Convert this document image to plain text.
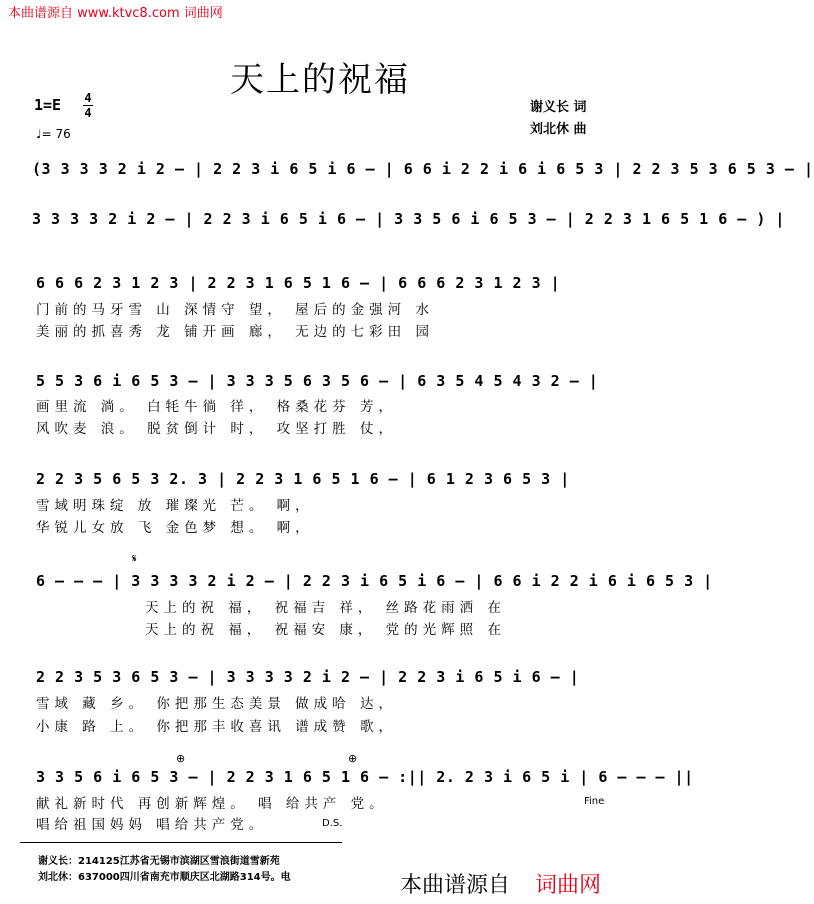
本曲谱源自 www.ktvc8.com 词曲网
天上的祝福
1=E 4
4
♩= 76
谢义长 词
刘北休 曲
(3 3 3 3 2 i 2 – | 2 2 3 i 6 5 i 6 – | 6 6 i 2 2 i 6 i 6 5 3 | 2 2 3 5 3 6 5 3 – |
3 3 3 3 2 i 2 – | 2 2 3 i 6 5 i 6 – | 3 3 5 6 i 6 5 3 – | 2 2 3 1 6 5 1 6 – ) |
6 6 6 2 3 1 2 3 | 2 2 3 1 6 5 1 6 – | 6 6 6 2 3 1 2 3 |
门前的马牙雪 山 深情守 望， 屋后的金强河 水
美丽的抓喜秀 龙 铺开画 廊， 无边的七彩田 园
5 5 3 6 i 6 5 3 – | 3 3 3 5 6 3 5 6 – | 6 3 5 4 5 4 3 2 – |
画里流 淌。 白牦牛徜 徉， 格桑花芬 芳，
风吹麦 浪。 脱贫倒计 时， 攻坚打胜 仗，
2 2 3 5 6 5 3 2. 3 | 2 2 3 1 6 5 1 6 – | 6 1 2 3 6 5 3 |
雪域明珠绽 放 璀璨光 芒。 啊，
华锐儿女放 飞 金色梦 想。 啊，
𝄋
6 – – – | 3 3 3 3 2 i 2 – | 2 2 3 i 6 5 i 6 – | 6 6 i 2 2 i 6 i 6 5 3 |
天上的祝 福， 祝福吉 祥， 丝路花雨洒 在
天上的祝 福， 祝福安 康， 党的光辉照 在
2 2 3 5 3 6 5 3 – | 3 3 3 3 2 i 2 – | 2 2 3 i 6 5 i 6 – |
雪域 藏 乡。 你把那生态美景 做成哈 达，
小康 路 上。 你把那丰收喜讯 谱成赞 歌，
⊕	⊕
3 3 5 6 i 6 5 3 – | 2 2 3 1 6 5 1 6 – :|| 2. 2 3 i 6 5 i | 6 – – – ||
献礼新时代 再创新辉煌。 唱 给共产 党。
唱给祖国妈妈 唱给共产党。
Fine
D.S.
谢义长：214125江苏省无锡市滨湖区雪浪街道雪新苑
刘北休：637000四川省南充市顺庆区北湖路314号。电	本曲谱源自 词曲网
